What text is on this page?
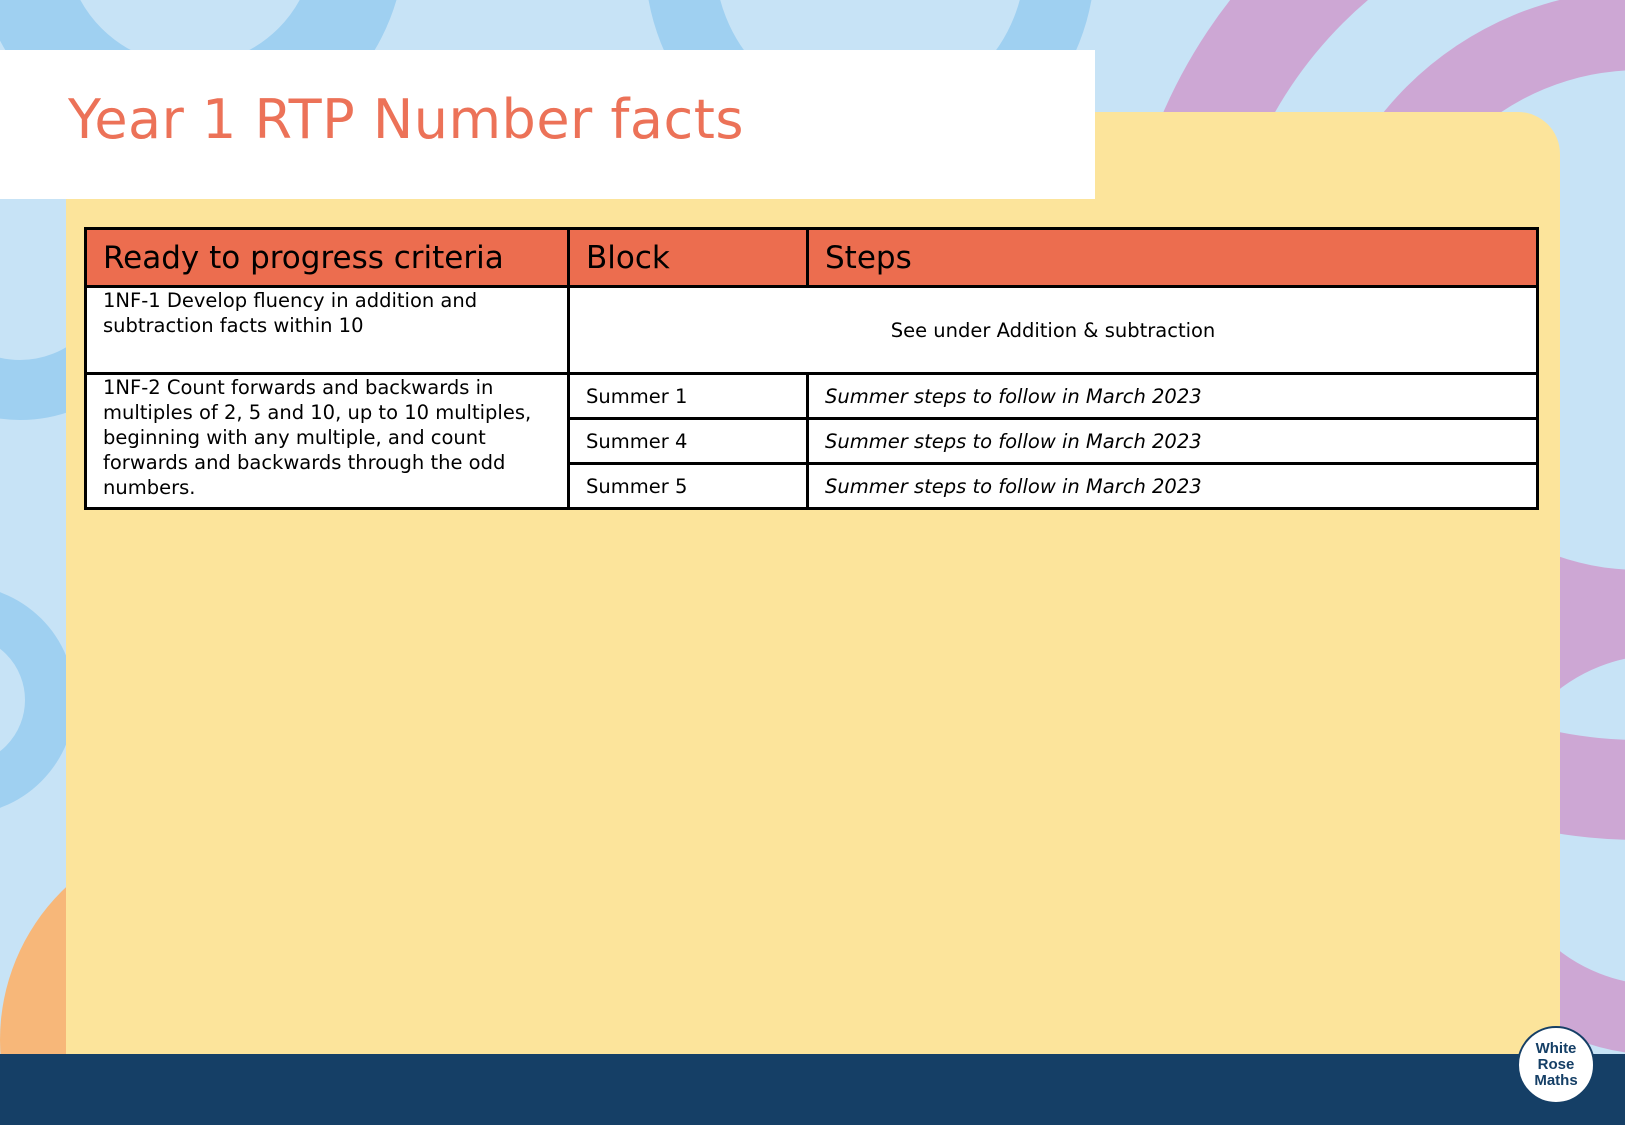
Year 1 RTP Number facts
Ready to progress criteria	Block	Steps
1NF-1 Develop fluency in addition and subtraction facts within 10	See under Addition & subtraction	
1NF-2 Count forwards and backwards in multiples of 2, 5 and 10, up to 10 multiples, beginning with any multiple, and count forwards and backwards through the odd numbers.	Summer 1	Summer steps to follow in March 2023
	Summer 4	Summer steps to follow in March 2023
	Summer 5	Summer steps to follow in March 2023
White
Rose
Maths
